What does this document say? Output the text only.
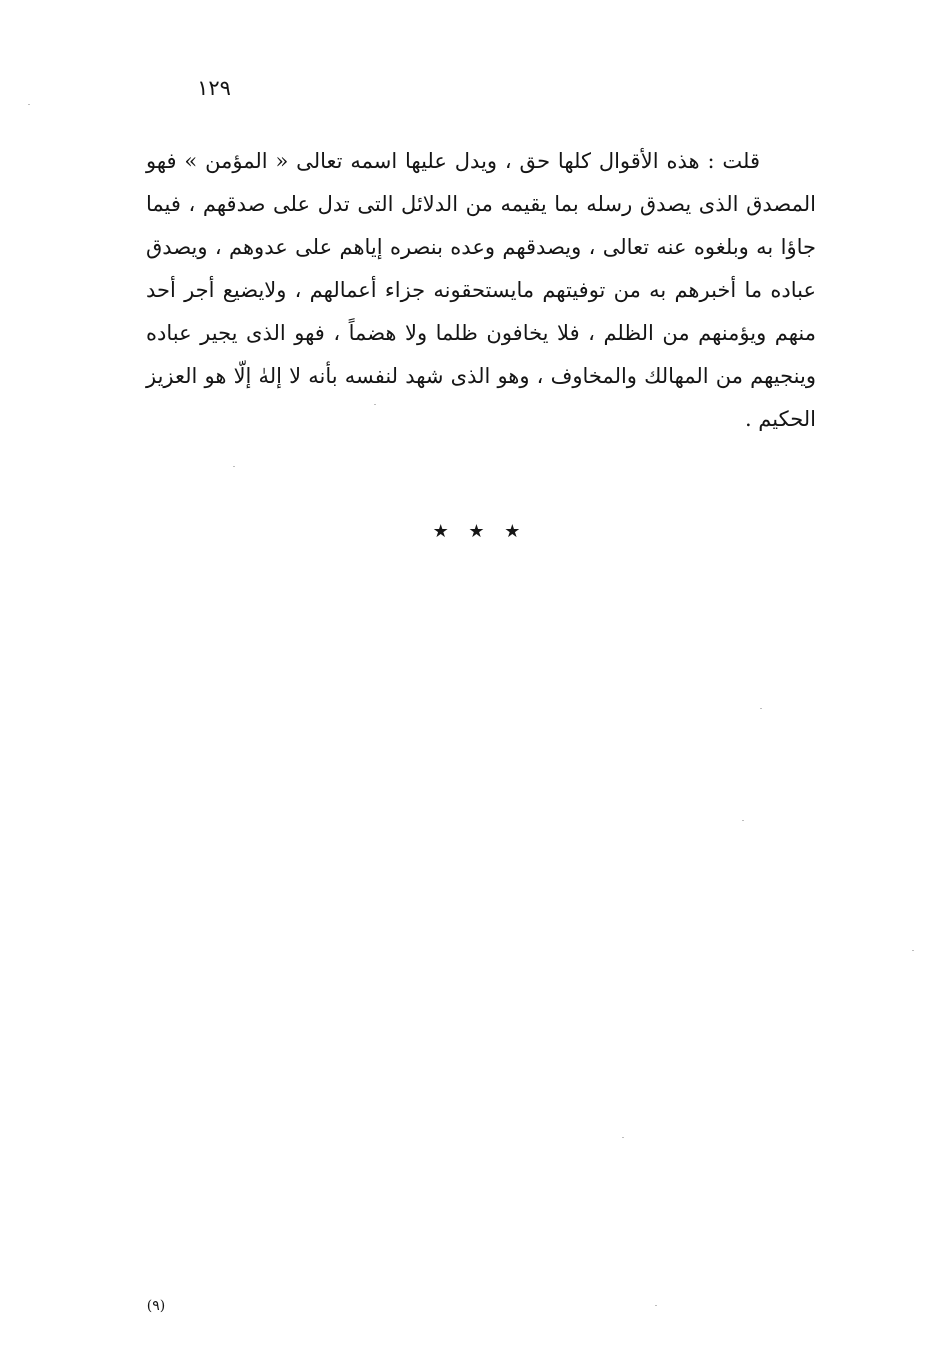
١٢٩
قلت : هذه الأقوال كلها حق ، ويدل عليها اسمه تعالى « المؤمن » فهو
المصدق الذى يصدق رسله بما يقيمه من الدلائل التى تدل على صدقهم ، فيما
جاؤا به وبلغوه عنه تعالى ، ويصدقهم وعده بنصره إياهم على عدوهم ، ويصدق
عباده ما أخبرهم به من توفيتهم مايستحقونه جزاء أعمالهم ، ولايضيع أجر أحد
منهم ويؤمنهم من الظلم ، فلا يخافون ظلما ولا هضماً ، فهو الذى يجير عباده
وينجيهم من المهالك والمخاوف ، وهو الذى شهد لنفسه بأنه لا إلهٰ إلّا هو العزيز
الحكيم .
★ ★ ★
(٩)
